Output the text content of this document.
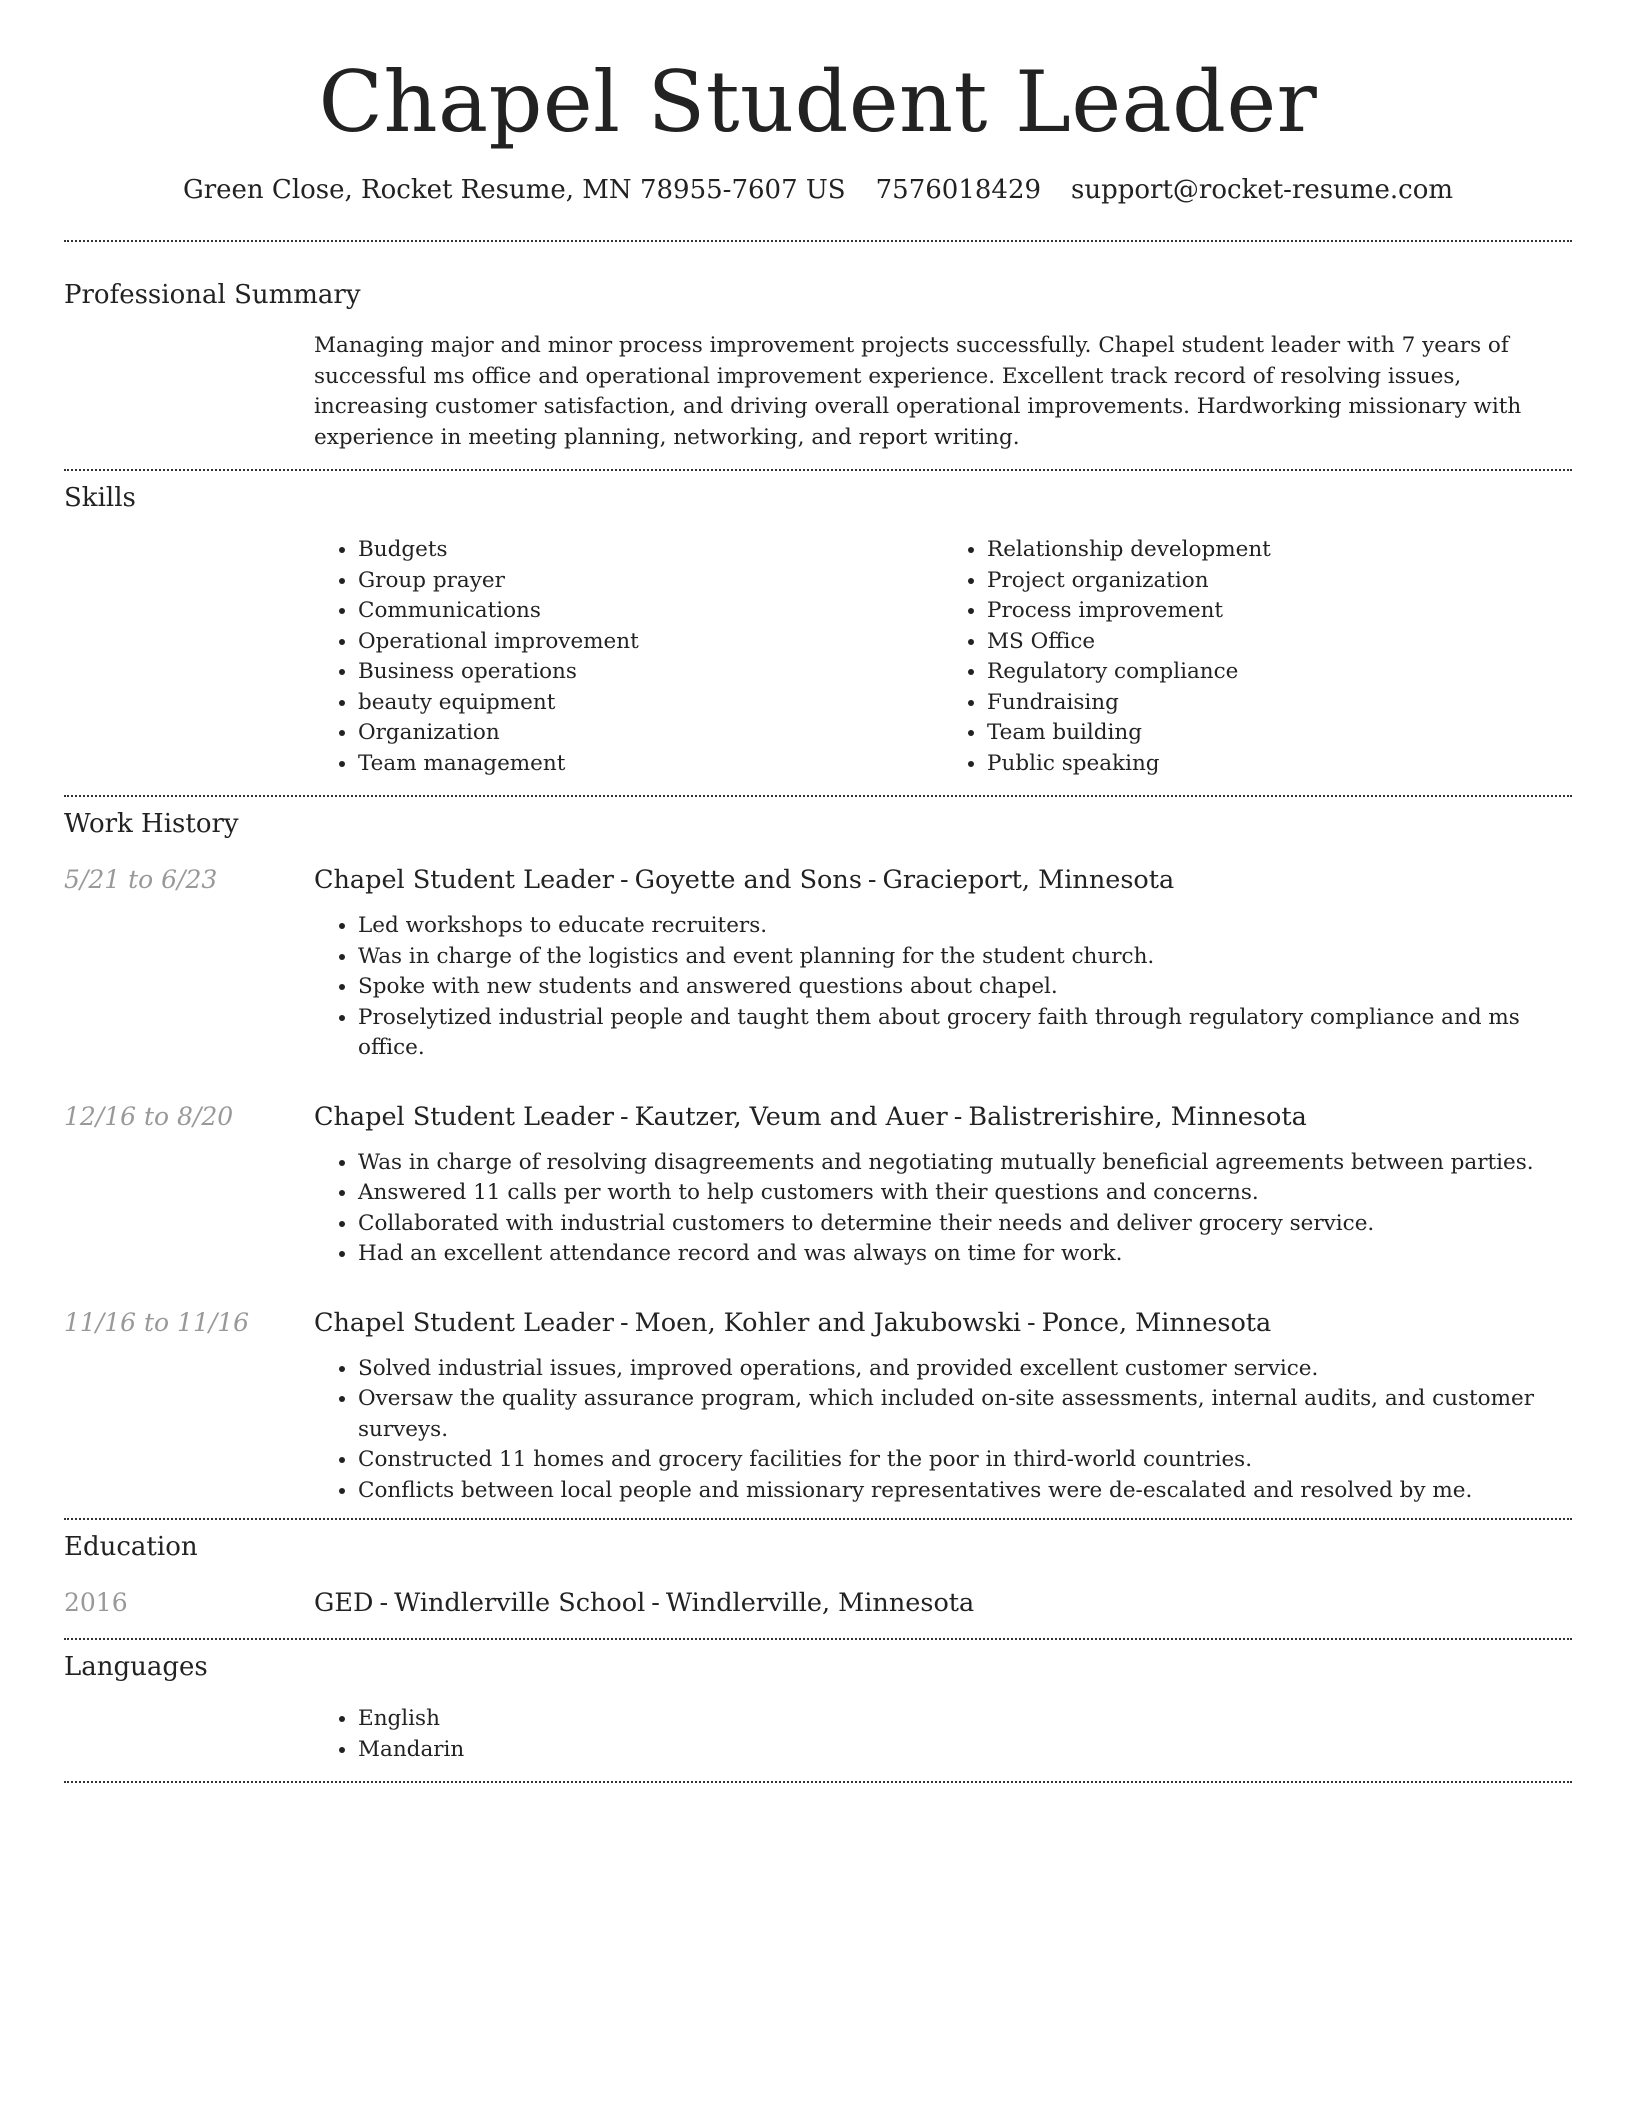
Chapel Student Leader
Green Close, Rocket Resume, MN 78955-7607 US 7576018429 support@rocket-resume.com
Professional Summary
Managing major and minor process improvement projects successfully. Chapel student leader with 7 years of successful ms office and operational improvement experience. Excellent track record of resolving issues, increasing customer satisfaction, and driving overall operational improvements. Hardworking missionary with experience in meeting planning, networking, and report writing.
Skills
• Budgets
• Group prayer
• Communications
• Operational improvement
• Business operations
• beauty equipment
• Organization
• Team management
• Relationship development
• Project organization
• Process improvement
• MS Office
• Regulatory compliance
• Fundraising
• Team building
• Public speaking
Work History
5/21 to 6/23	Chapel Student Leader - Goyette and Sons - Gracieport, Minnesota
• Led workshops to educate recruiters.
• Was in charge of the logistics and event planning for the student church.
• Spoke with new students and answered questions about chapel.
• Proselytized industrial people and taught them about grocery faith through regulatory compliance and ms office.
12/16 to 8/20	Chapel Student Leader - Kautzer, Veum and Auer - Balistrerishire, Minnesota
• Was in charge of resolving disagreements and negotiating mutually beneficial agreements between parties.
• Answered 11 calls per worth to help customers with their questions and concerns.
• Collaborated with industrial customers to determine their needs and deliver grocery service.
• Had an excellent attendance record and was always on time for work.
11/16 to 11/16	Chapel Student Leader - Moen, Kohler and Jakubowski - Ponce, Minnesota
• Solved industrial issues, improved operations, and provided excellent customer service.
• Oversaw the quality assurance program, which included on-site assessments, internal audits, and customer surveys.
• Constructed 11 homes and grocery facilities for the poor in third-world countries.
• Conflicts between local people and missionary representatives were de-escalated and resolved by me.
Education
2016	GED - Windlerville School - Windlerville, Minnesota
Languages
• English
• Mandarin
